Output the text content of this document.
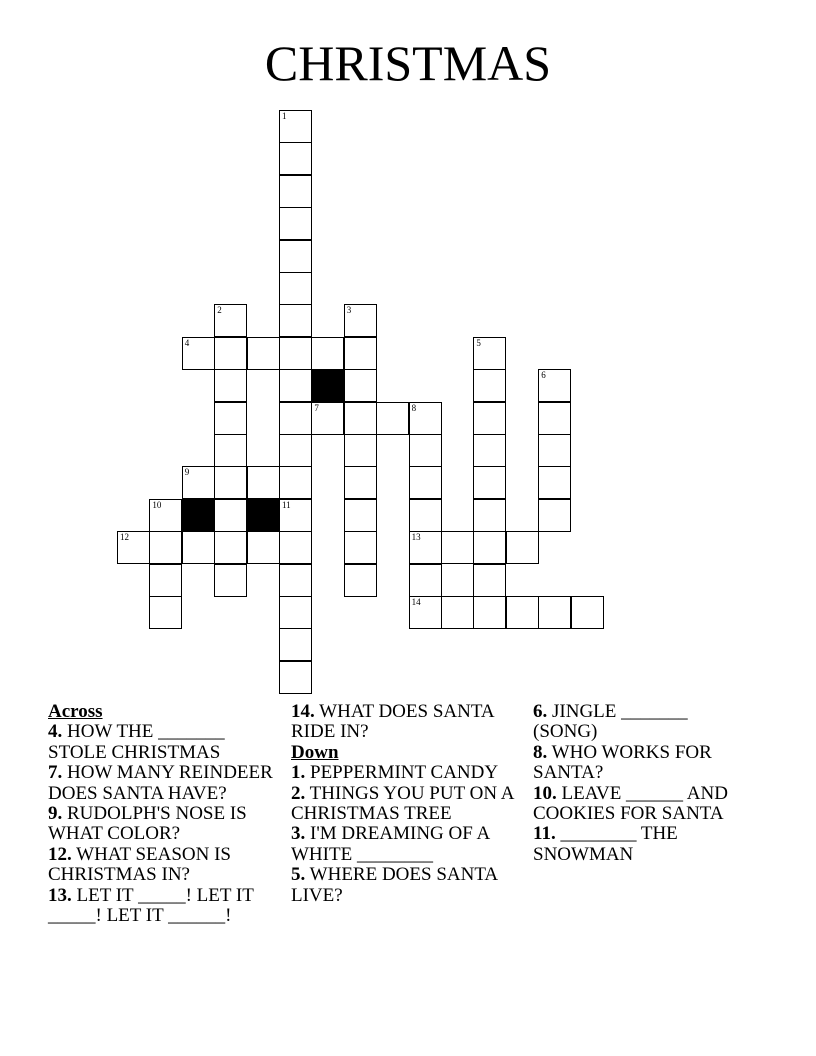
CHRISTMAS
1
11
2	3
4	5
6
7	8
13
9
10
12
14
Across
4. HOW THE _______ STOLE CHRISTMAS
7. HOW MANY REINDEER DOES SANTA HAVE?
9. RUDOLPH'S NOSE IS WHAT COLOR?
12. WHAT SEASON IS CHRISTMAS IN?
13. LET IT _____! LET IT _____! LET IT ______!
14. WHAT DOES SANTA RIDE IN?
Down
1. PEPPERMINT CANDY
2. THINGS YOU PUT ON A CHRISTMAS TREE
3. I'M DREAMING OF A WHITE ________
5. WHERE DOES SANTA LIVE?
6. JINGLE _______ (SONG)
8. WHO WORKS FOR SANTA?
10. LEAVE ______ AND COOKIES FOR SANTA
11. ________ THE SNOWMAN
